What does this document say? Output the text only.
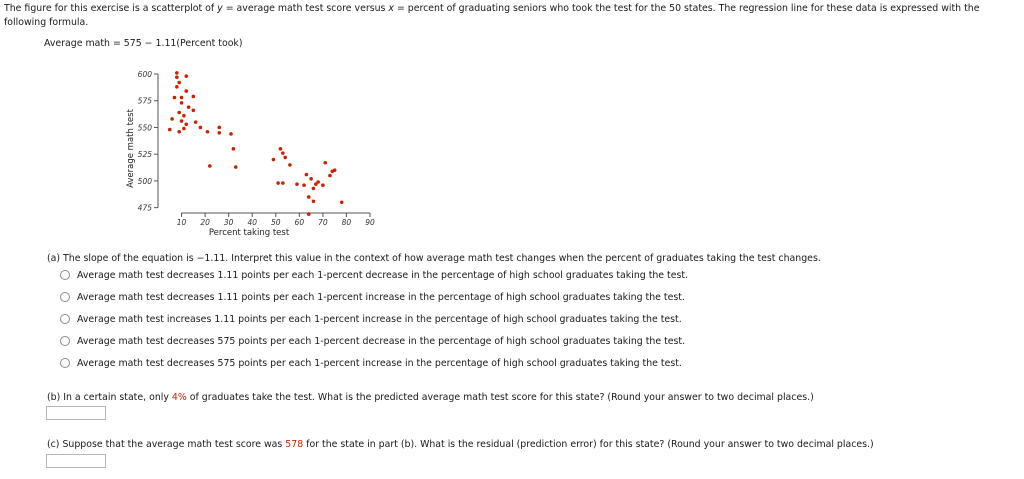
The figure for this exercise is a scatterplot of y = average math test score versus x = percent of graduating seniors who took the test for the 50 states. The regression line for these data is expressed with the following formula.
Average math = 575 − 1.11(Percent took)
475
500
525
550
575
600
10 20 30 40 50 60 70 80 90
Percent taking test
Average math test
(a) The slope of the equation is −1.11. Interpret this value in the context of how average math test changes when the percent of graduates taking the test changes.
Average math test decreases 1.11 points per each 1-percent decrease in the percentage of high school graduates taking the test.
Average math test decreases 1.11 points per each 1-percent increase in the percentage of high school graduates taking the test.
Average math test increases 1.11 points per each 1-percent increase in the percentage of high school graduates taking the test.
Average math test decreases 575 points per each 1-percent decrease in the percentage of high school graduates taking the test.
Average math test decreases 575 points per each 1-percent increase in the percentage of high school graduates taking the test.
(b) In a certain state, only 4% of graduates take the test. What is the predicted average math test score for this state? (Round your answer to two decimal places.)
(c) Suppose that the average math test score was 578 for the state in part (b). What is the residual (prediction error) for this state? (Round your answer to two decimal places.)
